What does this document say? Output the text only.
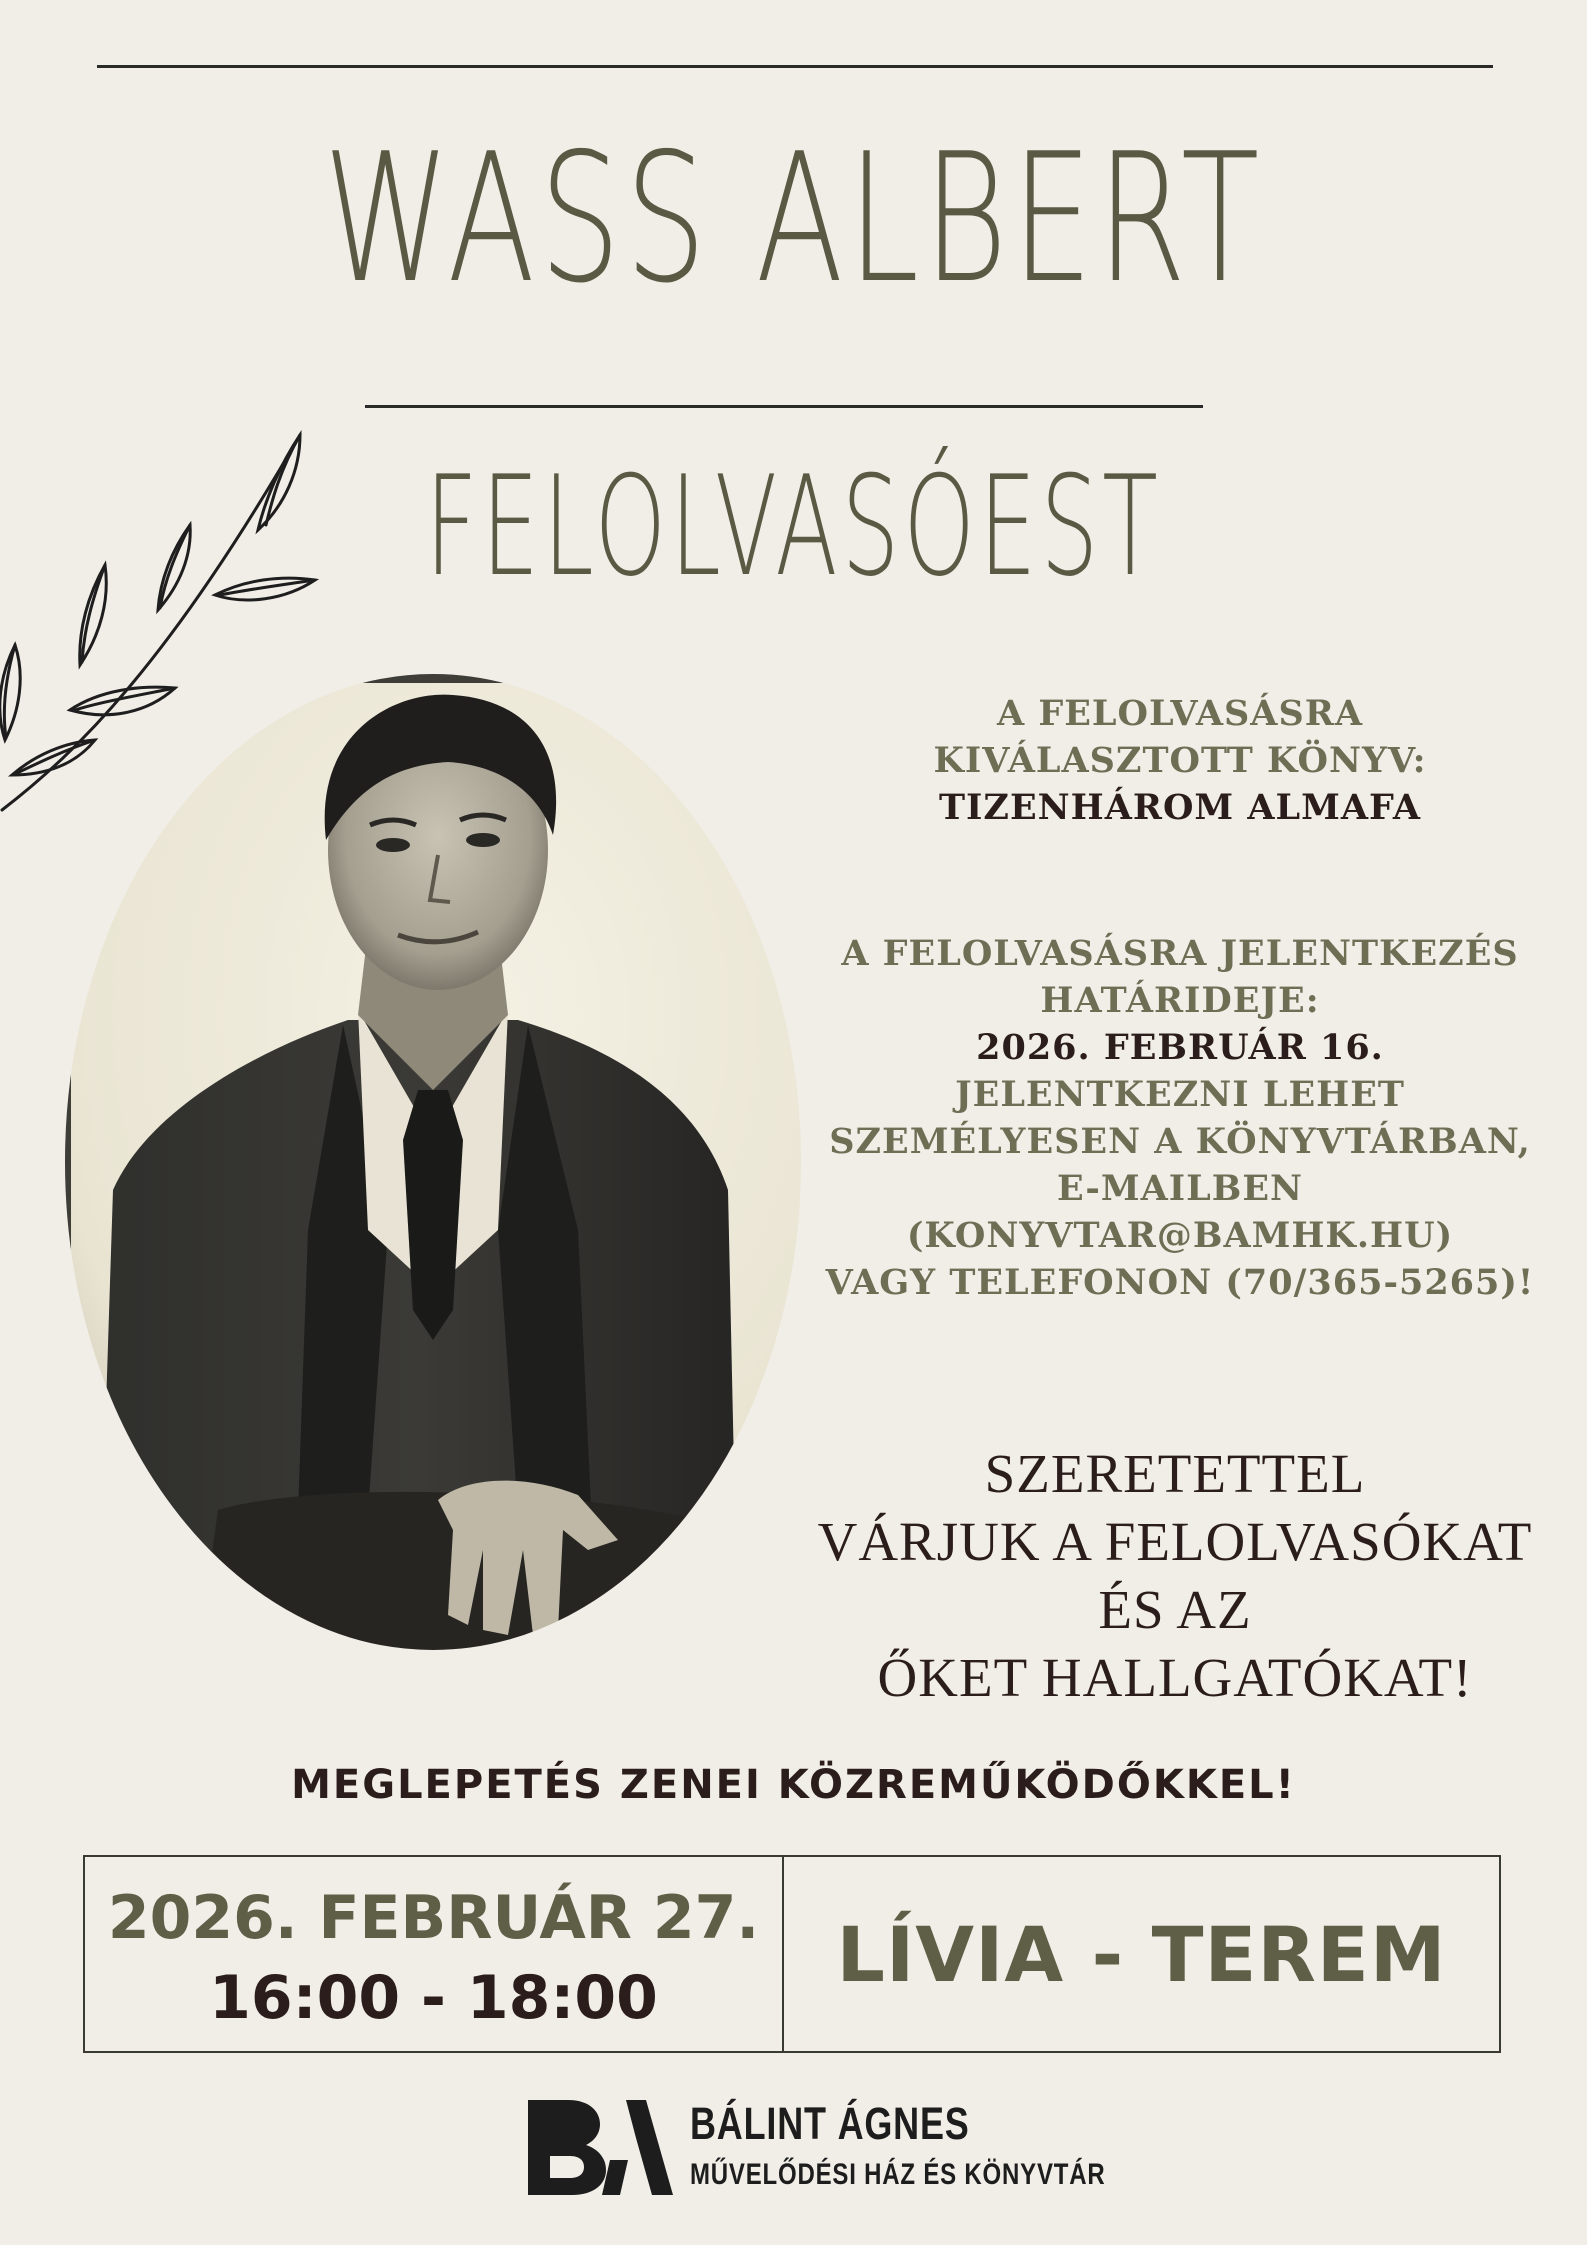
WASS ALBERT
FELOLVASÓEST
A FELOLVASÁSRA
KIVÁLASZTOTT KÖNYV:
TIZENHÁROM ALMAFA
A FELOLVASÁSRA JELENTKEZÉS
HATÁRIDEJE:
2026. FEBRUÁR 16.
JELENTKEZNI LEHET
SZEMÉLYESEN A KÖNYVTÁRBAN,
E-MAILBEN
(KONYVTAR@BAMHK.HU)
VAGY TELEFONON (70/365-5265)!
SZERETETTEL
VÁRJUK A FELOLVASÓKAT
ÉS AZ
ŐKET HALLGATÓKAT!
MEGLEPETÉS ZENEI KÖZREMŰKÖDŐKKEL!
2026. FEBRUÁR 27.
16:00 - 18:00	LÍVIA - TEREM
BÁLINT ÁGNES
MŰVELŐDÉSI HÁZ ÉS KÖNYVTÁR
